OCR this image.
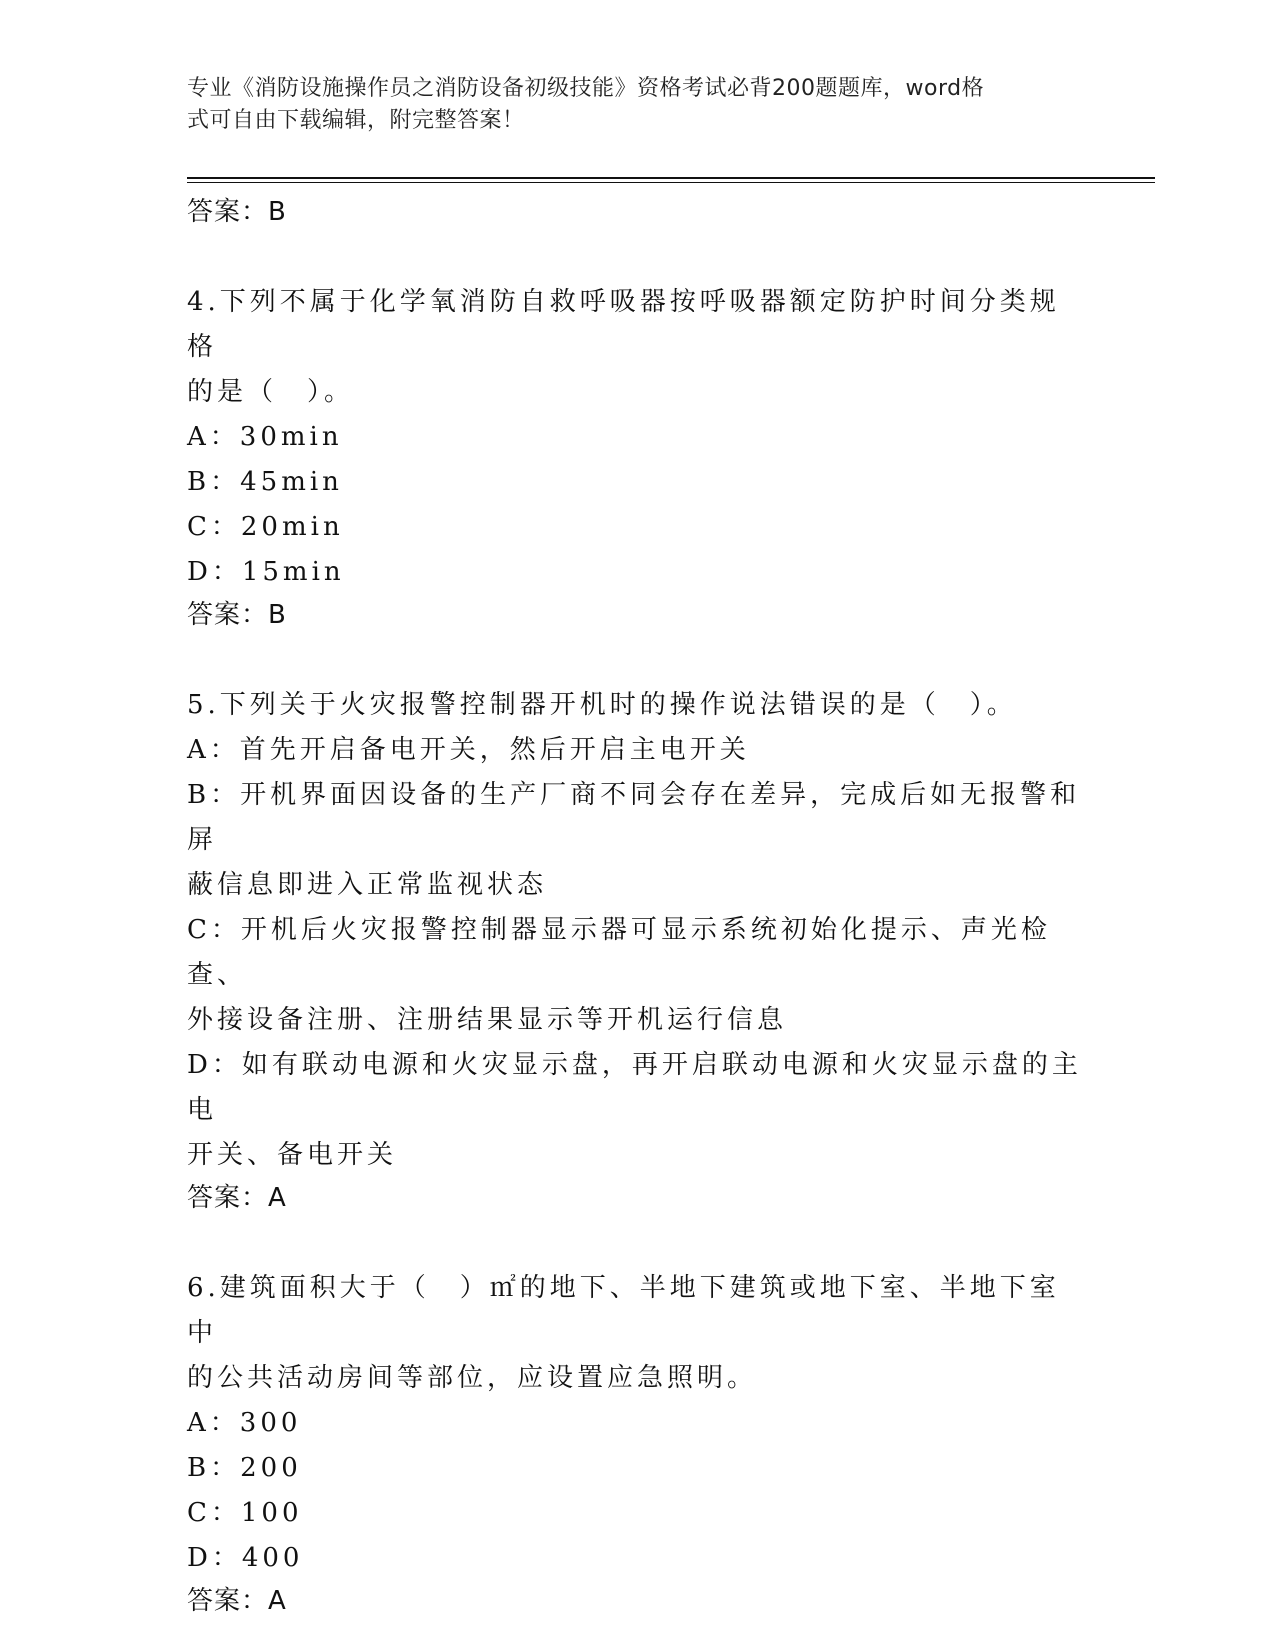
专业《消防设施操作员之消防设备初级技能》资格考试必背200题题库，word格
式可自由下载编辑，附完整答案！

答案：B

4.下列不属于化学氧消防自救呼吸器按呼吸器额定防护时间分类规格

的是（　）。

A：30min

B：45min

C：20min

D：15min

答案：B

5.下列关于火灾报警控制器开机时的操作说法错误的是（　）。

A：首先开启备电开关，然后开启主电开关

B：开机界面因设备的生产厂商不同会存在差异，完成后如无报警和屏

蔽信息即进入正常监视状态

C：开机后火灾报警控制器显示器可显示系统初始化提示、声光检查、

外接设备注册、注册结果显示等开机运行信息

D：如有联动电源和火灾显示盘，再开启联动电源和火灾显示盘的主电

开关、备电开关

答案：A

6.建筑面积大于（　）㎡的地下、半地下建筑或地下室、半地下室中

的公共活动房间等部位，应设置应急照明。

A：300

B：200

C：100

D：400

答案：A
